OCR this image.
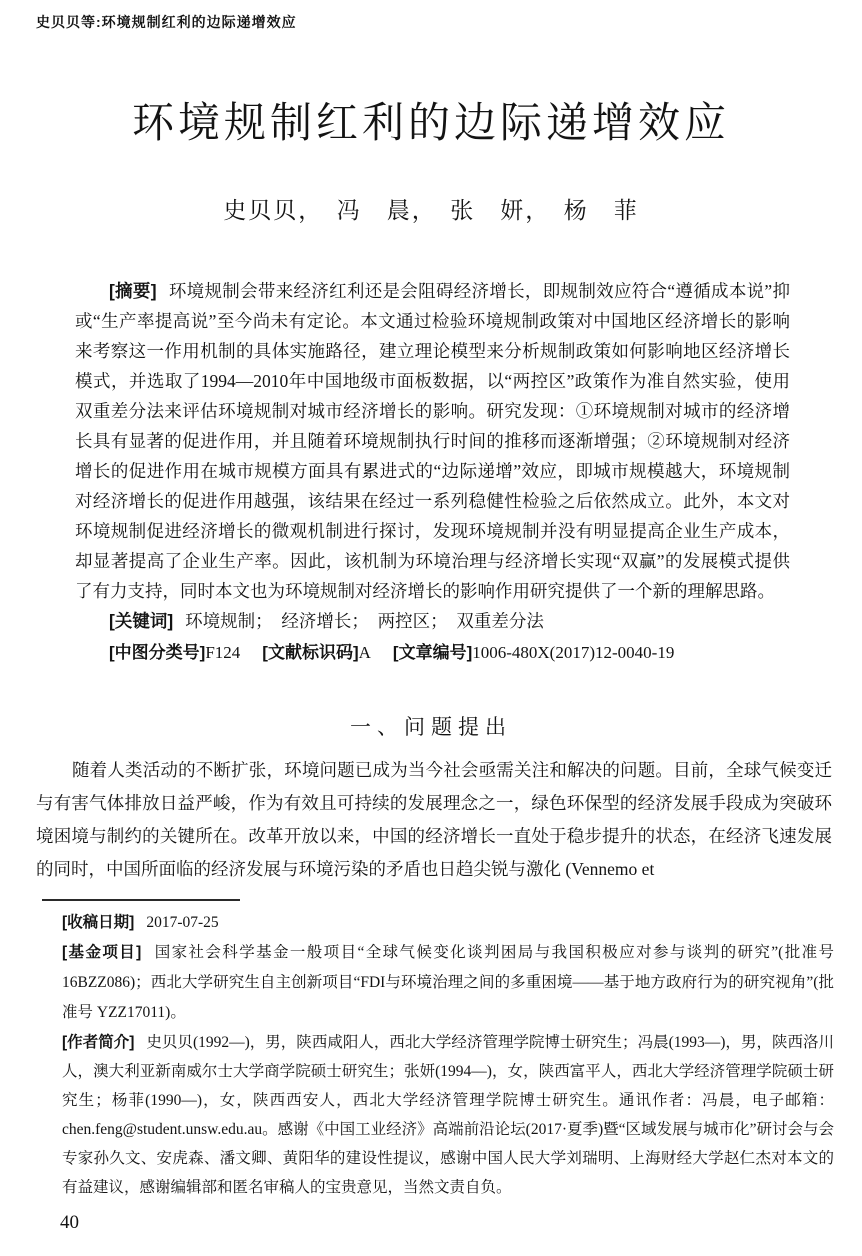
史贝贝等:环境规制红利的边际递增效应
环境规制红利的边际递增效应
史贝贝，　冯　晨，　张　妍，　杨　菲

[摘要] 环境规制会带来经济红利还是会阻碍经济增长，即规制效应符合“遵循成本说”抑或“生产率提高说”至今尚未有定论。本文通过检验环境规制政策对中国地区经济增长的影响来考察这一作用机制的具体实施路径，建立理论模型来分析规制政策如何影响地区经济增长模式，并选取了1994—2010年中国地级市面板数据，以“两控区”政策作为准自然实验，使用双重差分法来评估环境规制对城市经济增长的影响。研究发现：①环境规制对城市的经济增长具有显著的促进作用，并且随着环境规制执行时间的推移而逐渐增强；②环境规制对经济增长的促进作用在城市规模方面具有累进式的“边际递增”效应，即城市规模越大，环境规制对经济增长的促进作用越强，该结果在经过一系列稳健性检验之后依然成立。此外，本文对环境规制促进经济增长的微观机制进行探讨，发现环境规制并没有明显提高企业生产成本，却显著提高了企业生产率。因此，该机制为环境治理与经济增长实现“双赢”的发展模式提供了有力支持，同时本文也为环境规制对经济增长的影响作用研究提供了一个新的理解思路。

[关键词] 环境规制；　经济增长；　两控区；　双重差分法

[中图分类号]F124 [文献标识码]A [文章编号]1006-480X(2017)12-0040-19

一、问题提出

随着人类活动的不断扩张，环境问题已成为当今社会亟需关注和解决的问题。目前，全球气候变迁与有害气体排放日益严峻，作为有效且可持续的发展理念之一，绿色环保型的经济发展手段成为突破环境困境与制约的关键所在。改革开放以来，中国的经济增长一直处于稳步提升的状态，在经济飞速发展的同时，中国所面临的经济发展与环境污染的矛盾也日趋尖锐与激化 (Vennemo et

[收稿日期] 2017-07-25

[基金项目] 国家社会科学基金一般项目“全球气候变化谈判困局与我国积极应对参与谈判的研究”(批准号16BZZ086)；西北大学研究生自主创新项目“FDI与环境治理之间的多重困境——基于地方政府行为的研究视角”(批准号 YZZ17011)。

[作者简介] 史贝贝(1992—)，男，陕西咸阳人，西北大学经济管理学院博士研究生；冯晨(1993—)，男，陕西洛川人，澳大利亚新南威尔士大学商学院硕士研究生；张妍(1994—)，女，陕西富平人，西北大学经济管理学院硕士研究生；杨菲(1990—)，女，陕西西安人，西北大学经济管理学院博士研究生。通讯作者：冯晨，电子邮箱：chen.feng@student.unsw.edu.au。感谢《中国工业经济》高端前沿论坛(2017·夏季)暨“区域发展与城市化”研讨会与会专家孙久文、安虎森、潘文卿、黄阳华的建设性提议，感谢中国人民大学刘瑞明、上海财经大学赵仁杰对本文的有益建议，感谢编辑部和匿名审稿人的宝贵意见，当然文责自负。

40
